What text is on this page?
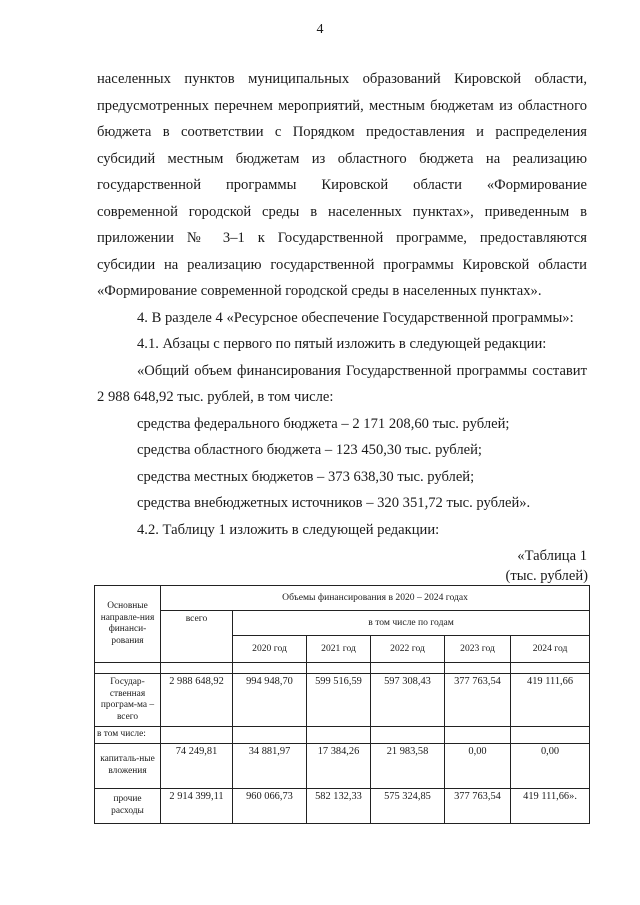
4

населенных пунктов муниципальных образований Кировской области,

предусмотренных перечнем мероприятий, местным бюджетам из областного

бюджета в соответствии с Порядком предоставления и распределения

субсидий местным бюджетам из областного бюджета на реализацию

государственной программы Кировской области «Формирование

современной городской среды в населенных пунктах», приведенным в

приложении № 3–1 к Государственной программе, предоставляются

субсидии на реализацию государственной программы Кировской области

«Формирование современной городской среды в населенных пунктах».

4. В разделе 4 «Ресурсное обеспечение Государственной программы»:

4.1. Абзацы с первого по пятый изложить в следующей редакции:

«Общий объем финансирования Государственной программы составит

2 988 648,92 тыс. рублей, в том числе:

средства федерального бюджета – 2 171 208,60 тыс. рублей;

средства областного бюджета – 123 450,30 тыс. рублей;

средства местных бюджетов – 373 638,30 тыс. рублей;

средства внебюджетных источников – 320 351,72 тыс. рублей».

4.2. Таблицу 1 изложить в следующей редакции:

«Таблица 1

(тыс. рублей)
Основные направле-ния финанси-рования	Объемы финансирования в 2020 – 2024 годах					
	всего	в том числе по годам				
		2020 год	2021 год	2022 год	2023 год	2024 год

Государ-ственная програм-ма – всего	2 988 648,92	994 948,70	599 516,59	597 308,43	377 763,54	419 111,66
в том числе:						
капиталь-ные вложения	74 249,81	34 881,97	17 384,26	21 983,58	0,00	0,00
прочие расходы	2 914 399,11	960 066,73	582 132,33	575 324,85	377 763,54	419 111,66».
